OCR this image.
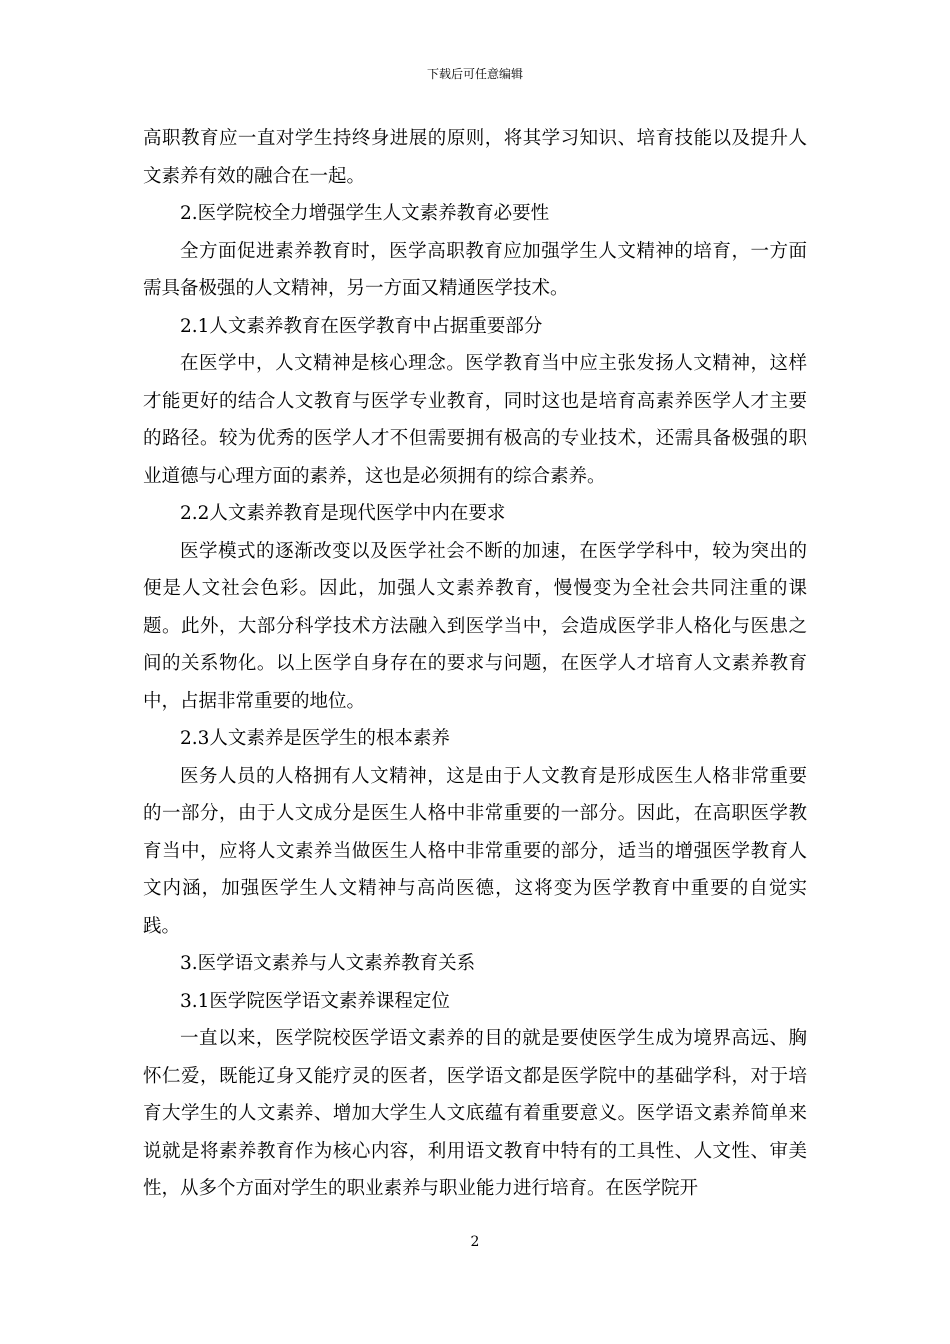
下载后可任意编辑

高职教育应一直对学生持终身进展的原则，将其学习知识、培育技能以及提升人文素养有效的融合在一起。

2.医学院校全力增强学生人文素养教育必要性

全方面促进素养教育时，医学高职教育应加强学生人文精神的培育，一方面需具备极强的人文精神，另一方面又精通医学技术。

2.1人文素养教育在医学教育中占据重要部分

在医学中，人文精神是核心理念。医学教育当中应主张发扬人文精神，这样才能更好的结合人文教育与医学专业教育，同时这也是培育高素养医学人才主要的路径。较为优秀的医学人才不但需要拥有极高的专业技术，还需具备极强的职业道德与心理方面的素养，这也是必须拥有的综合素养。

2.2人文素养教育是现代医学中内在要求

医学模式的逐渐改变以及医学社会不断的加速，在医学学科中，较为突出的便是人文社会色彩。因此，加强人文素养教育，慢慢变为全社会共同注重的课题。此外，大部分科学技术方法融入到医学当中，会造成医学非人格化与医患之间的关系物化。以上医学自身存在的要求与问题，在医学人才培育人文素养教育中，占据非常重要的地位。

2.3人文素养是医学生的根本素养

医务人员的人格拥有人文精神，这是由于人文教育是形成医生人格非常重要的一部分，由于人文成分是医生人格中非常重要的一部分。因此，在高职医学教育当中，应将人文素养当做医生人格中非常重要的部分，适当的增强医学教育人文内涵，加强医学生人文精神与高尚医德，这将变为医学教育中重要的自觉实践。

3.医学语文素养与人文素养教育关系

3.1医学院医学语文素养课程定位

一直以来，医学院校医学语文素养的目的就是要使医学生成为境界高远、胸怀仁爱，既能辽身又能疗灵的医者，医学语文都是医学院中的基础学科，对于培育大学生的人文素养、增加大学生人文底蕴有着重要意义。医学语文素养简单来说就是将素养教育作为核心内容，利用语文教育中特有的工具性、人文性、审美性，从多个方面对学生的职业素养与职业能力进行培育。在医学院开

2
